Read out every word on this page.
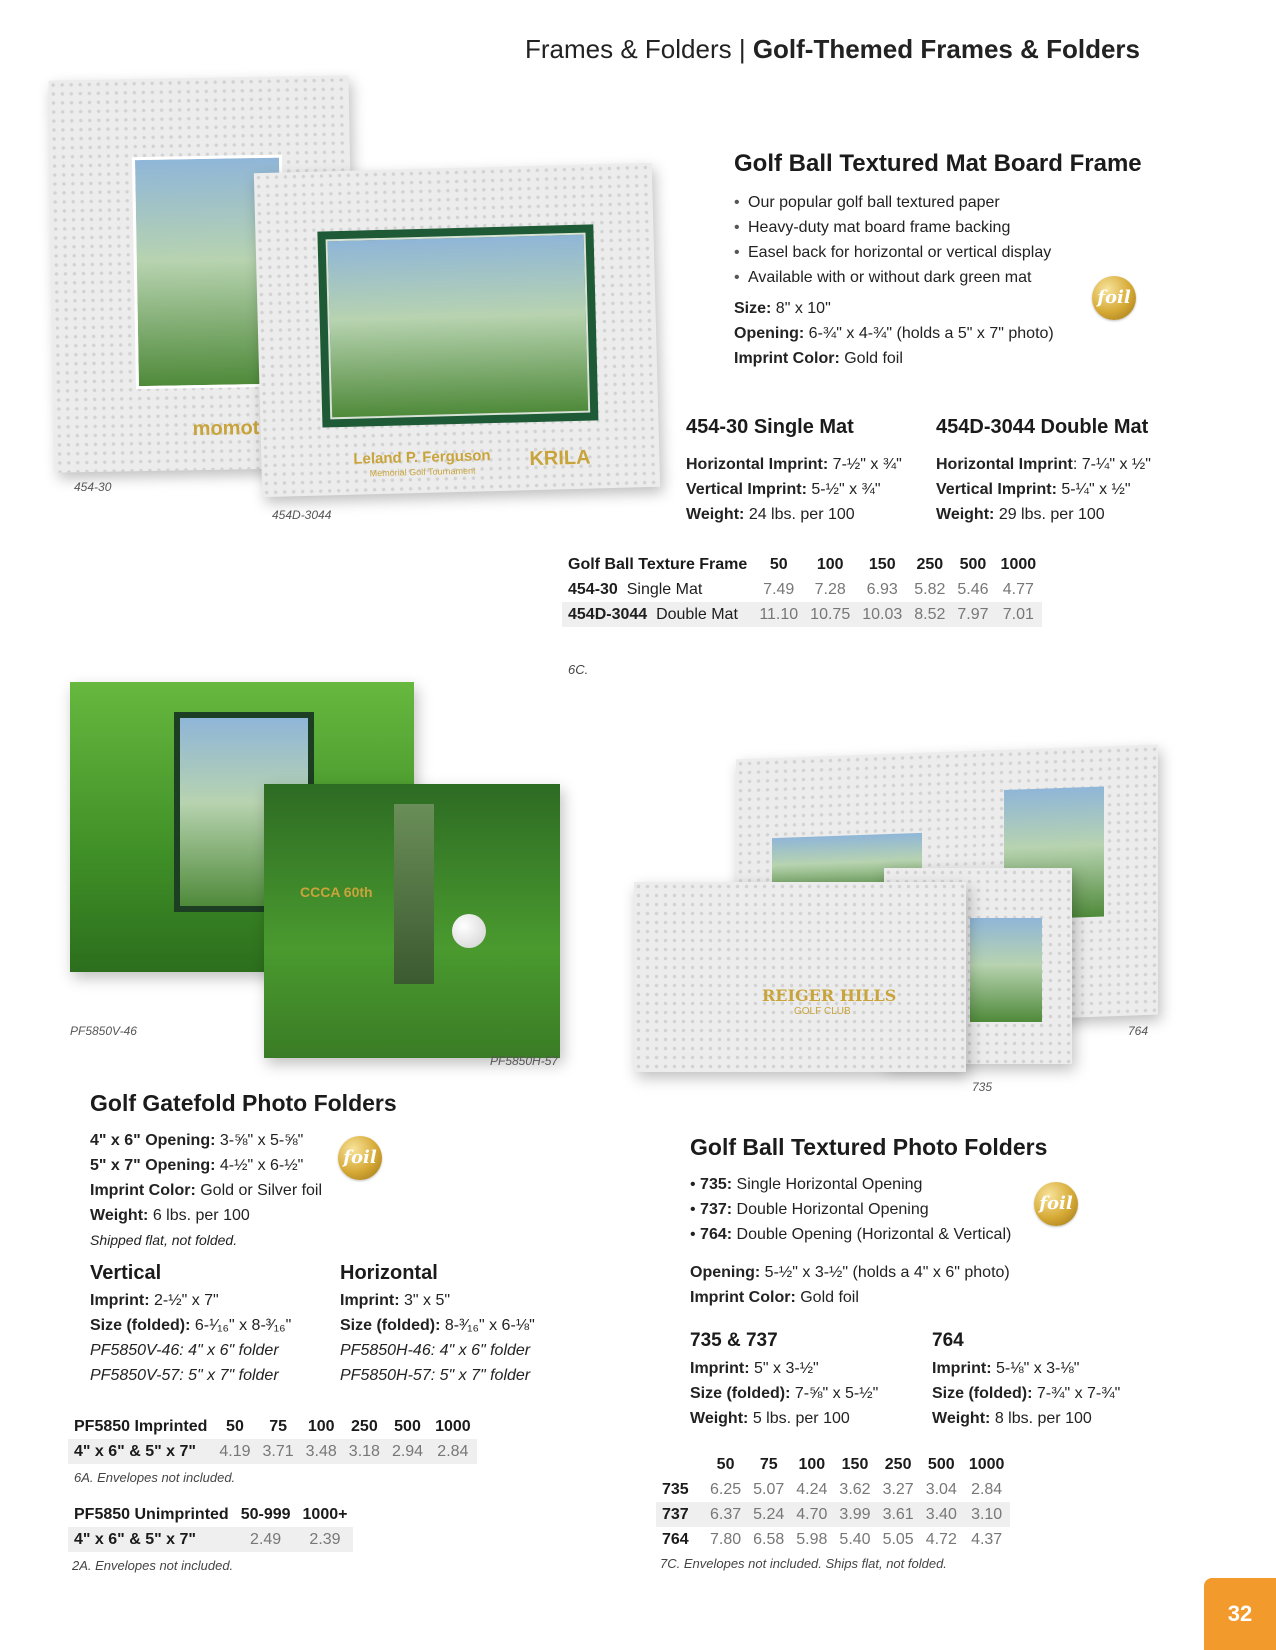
Frames & Folders | Golf-Themed Frames & Folders
momot
454-30
Leland P. Ferguson
Memorial Golf Tournament
KRILA
454D-3044
Golf Ball Textured Mat Board Frame
• Our popular golf ball textured paper
• Heavy-duty mat board frame backing
• Easel back for horizontal or vertical display
• Available with or without dark green mat
foil
Size: 8" x 10"
Opening: 6-¾" x 4-¾" (holds a 5" x 7" photo)
Imprint Color: Gold foil
454-30 Single Mat
Horizontal Imprint: 7-½" x ¾"
Vertical Imprint: 5-½" x ¾"
Weight: 24 lbs. per 100
454D-3044 Double Mat
Horizontal Imprint: 7-¼" x ½"
Vertical Imprint: 5-¼" x ½"
Weight: 29 lbs. per 100
Golf Ball Texture Frame	50	100	150	250	500	1000
454-30 Single Mat	7.49	7.28	6.93	5.82	5.46	4.77
454D-3044 Double Mat	11.10	10.75	10.03	8.52	7.97	7.01
6C.
PF5850V-46
CCCA 60th
PF5850H-57
Golf Gatefold Photo Folders
4" x 6" Opening: 3-⅝" x 5-⅝"
5" x 7" Opening: 4-½" x 6-½"
Imprint Color: Gold or Silver foil
Weight: 6 lbs. per 100
Shipped flat, not folded.
foil
Vertical
Imprint: 2-½" x 7"
Size (folded): 6-¹⁄₁₆" x 8-³⁄₁₆"
PF5850V-46: 4" x 6" folder
PF5850V-57: 5" x 7" folder
Horizontal
Imprint: 3" x 5"
Size (folded): 8-³⁄₁₆" x 6-⅛"
PF5850H-46: 4" x 6" folder
PF5850H-57: 5" x 7" folder
PF5850 Imprinted	50	75	100	250	500	1000
4" x 6" & 5" x 7"	4.19	3.71	3.48	3.18	2.94	2.84
6A. Envelopes not included.
PF5850 Unimprinted	50-999	1000+
4" x 6" & 5" x 7"	2.49	2.39
2A. Envelopes not included.
764
REIGER HILLS
GOLF CLUB
735
Golf Ball Textured Photo Folders
• 735: Single Horizontal Opening
• 737: Double Horizontal Opening
• 764: Double Opening (Horizontal & Vertical)
foil
Opening: 5-½" x 3-½" (holds a 4" x 6" photo)
Imprint Color: Gold foil
735 & 737
Imprint: 5" x 3-½"
Size (folded): 7-⅝" x 5-½"
Weight: 5 lbs. per 100
764
Imprint: 5-⅛" x 3-⅛"
Size (folded): 7-¾" x 7-¾"
Weight: 8 lbs. per 100
	50	75	100	150	250	500	1000
735	6.25	5.07	4.24	3.62	3.27	3.04	2.84
737	6.37	5.24	4.70	3.99	3.61	3.40	3.10
764	7.80	6.58	5.98	5.40	5.05	4.72	4.37
7C. Envelopes not included. Ships flat, not folded.
32
